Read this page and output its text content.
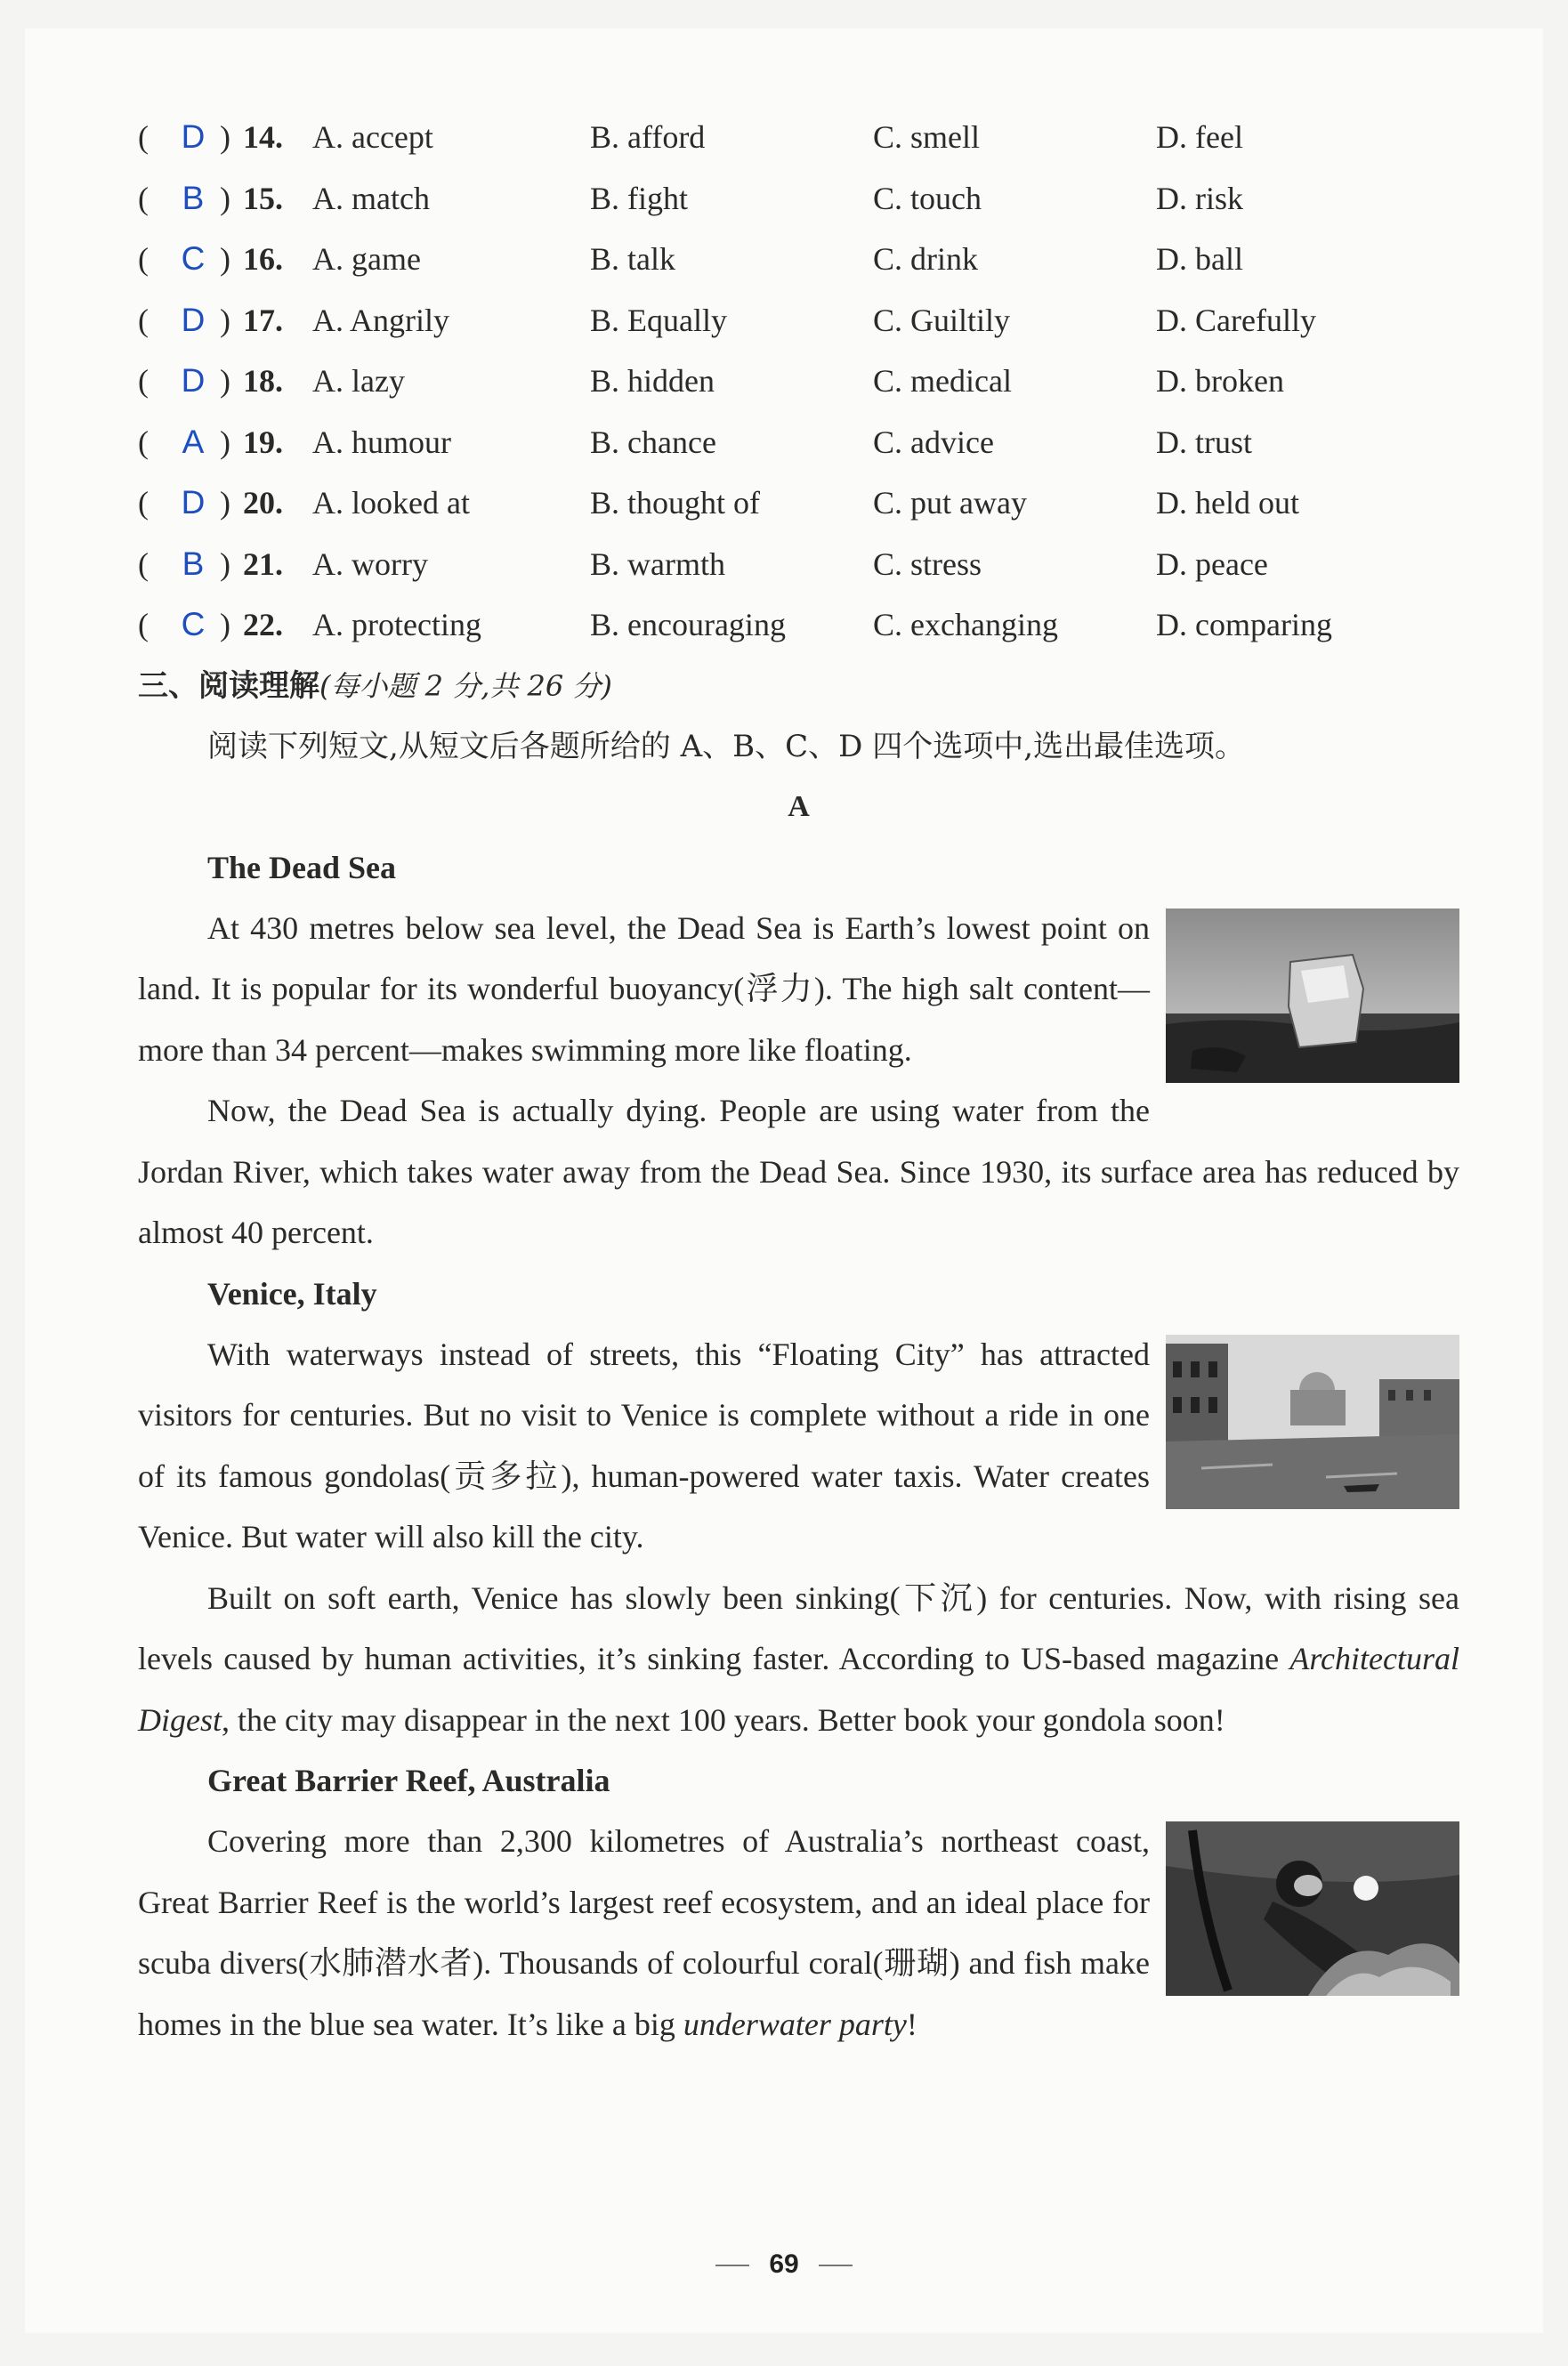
( D ) 14. A. accept	B. afford	C. smell	D. feel
( B ) 15. A. match	B. fight	C. touch	D. risk
( C ) 16. A. game	B. talk	C. drink	D. ball
( D ) 17. A. Angrily	B. Equally	C. Guiltily	D. Carefully
( D ) 18. A. lazy	B. hidden	C. medical	D. broken
( A ) 19. A. humour	B. chance	C. advice	D. trust
( D ) 20. A. looked at	B. thought of	C. put away	D. held out
( B ) 21. A. worry	B. warmth	C. stress	D. peace
( C ) 22. A. protecting	B. encouraging	C. exchanging	D. comparing
三、阅读理解(每小题 2 分,共 26 分)
阅读下列短文,从短文后各题所给的 A、B、C、D 四个选项中,选出最佳选项。
A
The Dead Sea

At 430 metres below sea level, the Dead Sea is Earth’s lowest point on land. It is popular for its wonderful buoyancy(浮力). The high salt content—more than 34 percent—makes swimming more like floating.

Now, the Dead Sea is actually dying. People are using water from the Jordan River, which takes water away from the Dead Sea. Since 1930, its surface area has reduced by almost 40 percent.

Venice, Italy

With waterways instead of streets, this “Floating City” has attracted visitors for centuries. But no visit to Venice is complete without a ride in one of its famous gondolas(贡多拉), human-powered water taxis. Water creates Venice. But water will also kill the city.

Built on soft earth, Venice has slowly been sinking(下沉) for centuries. Now, with rising sea levels caused by human activities, it’s sinking faster. According to US-based magazine Architectural Digest, the city may disappear in the next 100 years. Better book your gondola soon!

Great Barrier Reef, Australia

Covering more than 2,300 kilometres of Australia’s northeast coast, Great Barrier Reef is the world’s largest reef ecosystem, and an ideal place for scuba divers(水肺潜水者). Thousands of colourful coral(珊瑚) and fish make homes in the blue sea water. It’s like a big underwater party!

69
